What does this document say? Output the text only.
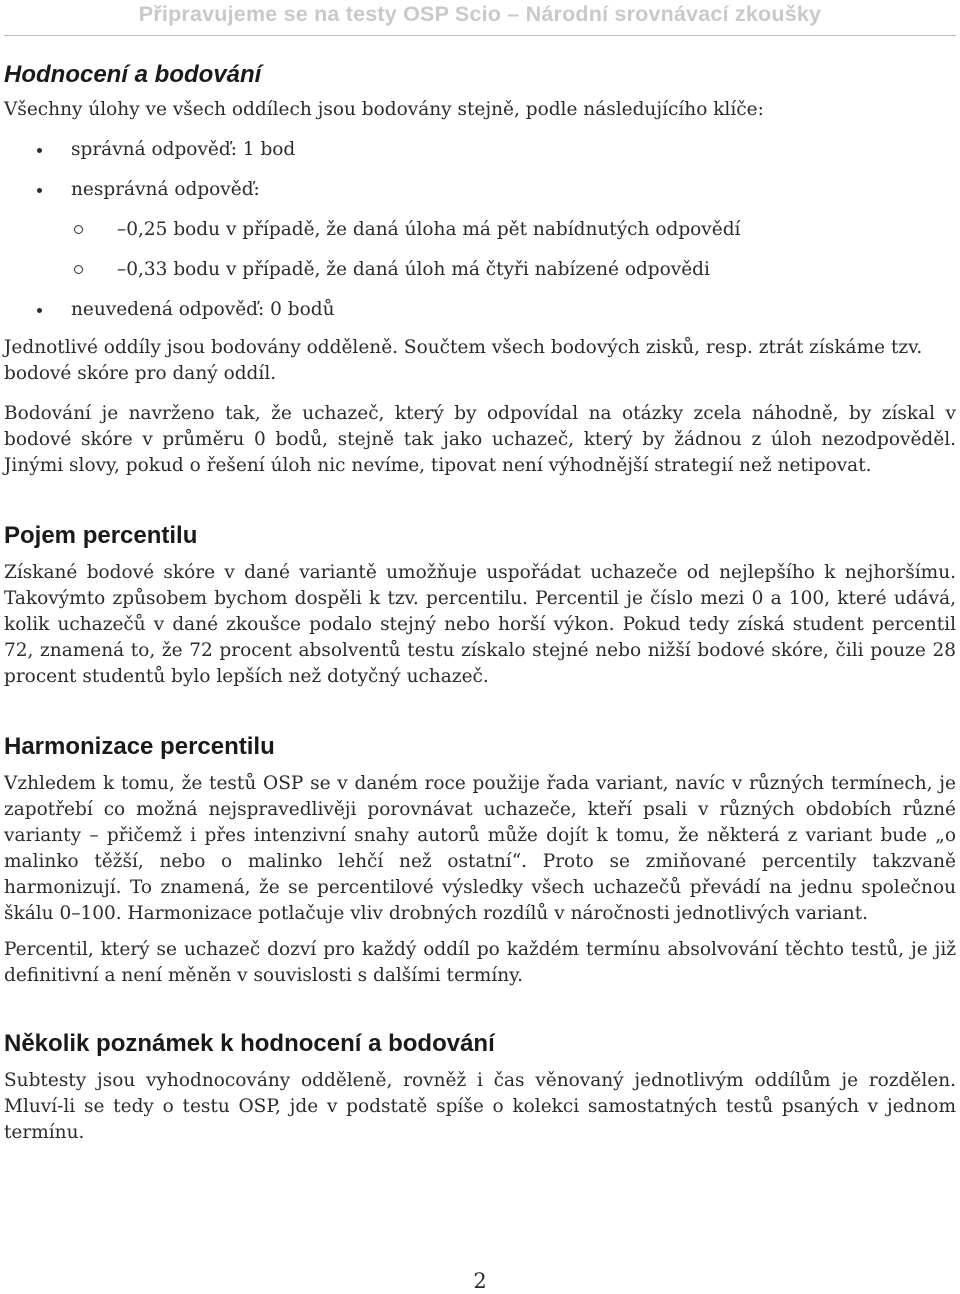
Připravujeme se na testy OSP Scio – Národní srovnávací zkoušky
Hodnocení a bodování

Všechny úlohy ve všech oddílech jsou bodovány stejně, podle následujícího klíče:

správná odpověď: 1 bod
nesprávná odpověď:
–0,25 bodu v případě, že daná úloha má pět nabídnutých odpovědí
–0,33 bodu v případě, že daná úloh má čtyři nabízené odpovědi
neuvedená odpověď: 0 bodů

Jednotlivé oddíly jsou bodovány odděleně. Součtem všech bodových zisků, resp. ztrát získáme tzv. bodové skóre pro daný oddíl.

Bodování je navrženo tak, že uchazeč, který by odpovídal na otázky zcela náhodně, by získal v bodové skóre v průměru 0 bodů, stejně tak jako uchazeč, který by žádnou z úloh nezodpověděl. Jinými slovy, pokud o řešení úloh nic nevíme, tipovat není výhodnější strategií než netipovat.

Pojem percentilu

Získané bodové skóre v dané variantě umožňuje uspořádat uchazeče od nejlepšího k nejhoršímu. Takovýmto způsobem bychom dospěli k tzv. percentilu. Percentil je číslo mezi 0 a 100, které udává, kolik uchazečů v dané zkoušce podalo stejný nebo horší výkon. Pokud tedy získá student percentil 72, znamená to, že 72 procent absolventů testu získalo stejné nebo nižší bodové skóre, čili pouze 28 procent studentů bylo lepších než dotyčný uchazeč.

Harmonizace percentilu

Vzhledem k tomu, že testů OSP se v daném roce použije řada variant, navíc v různých termínech, je zapotřebí co možná nejspravedlivěji porovnávat uchazeče, kteří psali v různých obdobích různé varianty – přičemž i přes intenzivní snahy autorů může dojít k tomu, že některá z variant bude „o malinko těžší, nebo o malinko lehčí než ostatní“. Proto se zmiňované percentily takzvaně harmonizují. To znamená, že se percentilové výsledky všech uchazečů převádí na jednu společnou škálu 0–100. Harmonizace potlačuje vliv drobných rozdílů v náročnosti jednotlivých variant.

Percentil, který se uchazeč dozví pro každý oddíl po každém termínu absolvování těchto testů, je již definitivní a není měněn v souvislosti s dalšími termíny.

Několik poznámek k hodnocení a bodování

Subtesty jsou vyhodnocovány odděleně, rovněž i čas věnovaný jednotlivým oddílům je rozdělen. Mluví-li se tedy o testu OSP, jde v podstatě spíše o kolekci samostatných testů psaných v jednom termínu.

2
